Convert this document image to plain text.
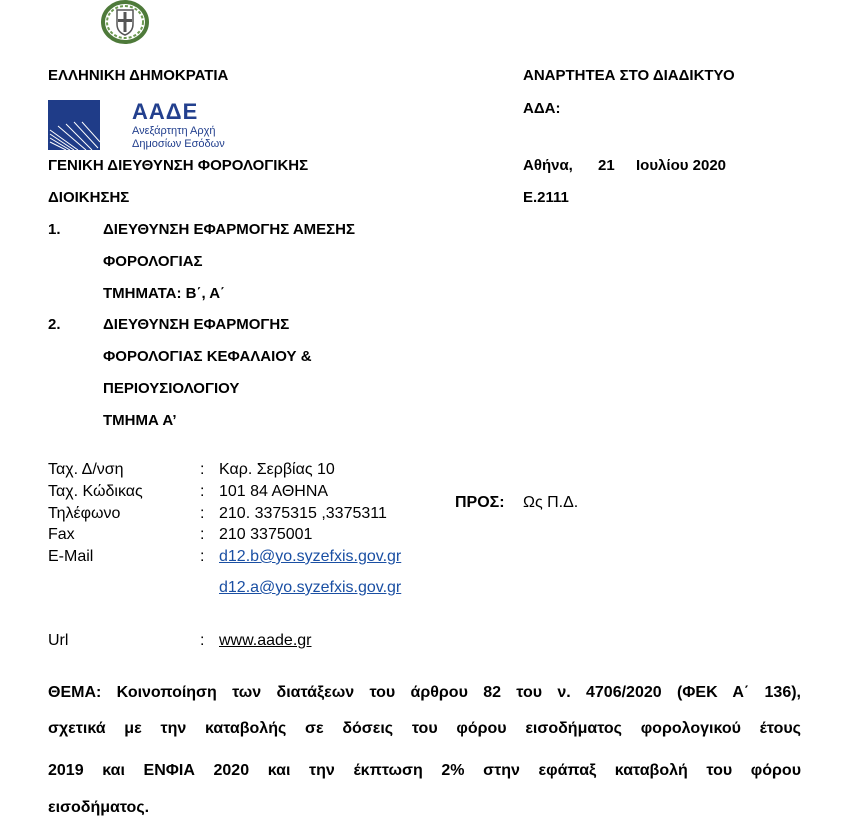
ΕΛΛΗΝΙΚΗ ΔΗΜΟΚΡΑΤΙΑ
ΑΑΔΕ
Ανεξάρτητη Αρχή
Δημοσίων Εσόδων
ΓΕΝΙΚΗ ΔΙΕΥΘΥΝΣΗ ΦΟΡΟΛΟΓΙΚΗΣ
ΔΙΟΙΚΗΣΗΣ
1.	ΔΙΕΥΘΥΝΣΗ ΕΦΑΡΜΟΓΗΣ ΑΜΕΣΗΣ
ΦΟΡΟΛΟΓΙΑΣ
ΤΜΗΜΑΤΑ: Β΄, Α΄
2.	ΔΙΕΥΘΥΝΣΗ ΕΦΑΡΜΟΓΗΣ
ΦΟΡΟΛΟΓΙΑΣ ΚΕΦΑΛΑΙΟΥ &
ΠΕΡΙΟΥΣΙΟΛΟΓΙΟΥ
ΤΜΗΜΑ Α’
ΑΝΑΡΤΗΤΕΑ ΣΤΟ ΔΙΑΔΙΚΤΥΟ
ΑΔΑ:
Αθήνα, 21 Ιουλίου 2020
Ε.2111
Ταχ. Δ/νση	: Καρ. Σερβίας 10
Ταχ. Κώδικας	: 101 84 ΑΘΗΝΑ
Τηλέφωνο	: 210. 3375315 ,3375311
Fax	: 210 3375001
E-Mail	: d12.b@yo.syzefxis.gov.gr
d12.a@yo.syzefxis.gov.gr
Url	: www.aade.gr
ΠΡΟΣ: Ως Π.Δ.
ΘΕΜΑ: Κοινοποίηση των διατάξεων του άρθρου 82 του ν. 4706/2020 (ΦΕΚ Α΄ 136),
σχετικά με την καταβολής σε δόσεις του φόρου εισοδήματος φορολογικού έτους
2019 και ΕΝΦΙΑ 2020 και την έκπτωση 2% στην εφάπαξ καταβολή του φόρου
εισοδήματος.
